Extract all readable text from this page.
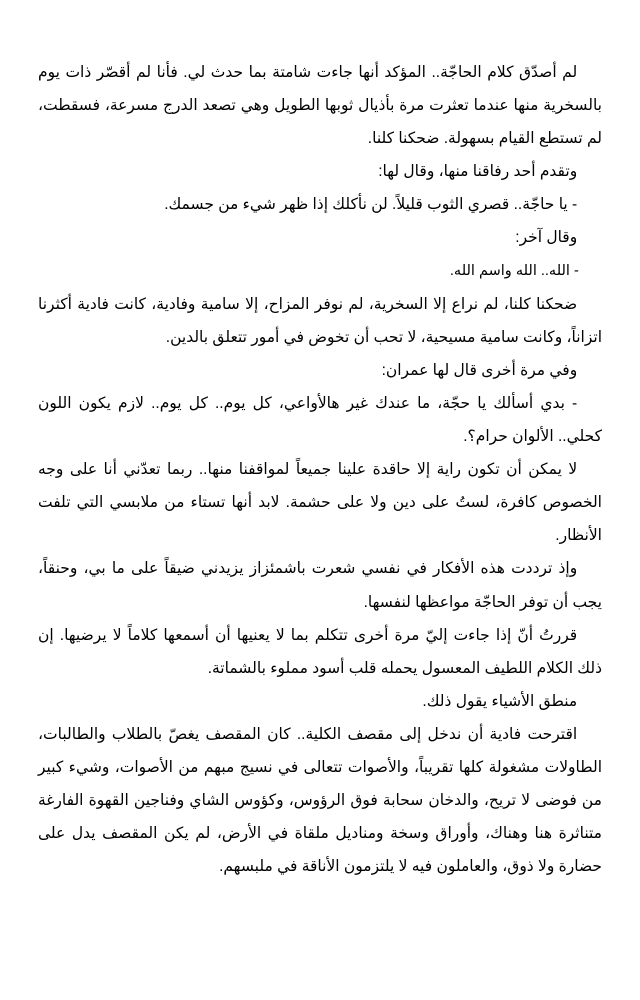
لم أصدّق كلام الحاجّة.. المؤكد أنها جاءت شامتة بما حدث لي. فأنا لم أقصّر ذات يوم بالسخرية منها عندما تعثرت مرة بأذيال ثوبها الطويل وهي تصعد الدرج مسرعة، فسقطت، لم تستطع القيام بسهولة. ضحكنا كلنا.

وتقدم أحد رفاقنا منها، وقال لها:

- يا حاجّة.. قصري الثوب قليلاً. لن نأكلك إذا ظهر شيء من جسمك.

وقال آخر:

- الله.. الله واسم الله.

ضحكنا كلنا، لم نراع إلا السخرية، لم نوفر المزاح، إلا سامية وفادية، كانت فادية أكثرنا اتزاناً، وكانت سامية مسيحية، لا تحب أن تخوض في أمور تتعلق بالدين.

وفي مرة أخرى قال لها عمران:

- بدي أسألك يا حجّة، ما عندك غير هالأواعي، كل يوم.. كل يوم.. لازم يكون اللون كحلي.. الألوان حرام؟.

لا يمكن أن تكون راية إلا حاقدة علينا جميعاً لمواقفنا منها.. ربما تعدّني أنا على وجه الخصوص كافرة، لستُ على دين ولا على حشمة. لابد أنها تستاء من ملابسي التي تلفت الأنظار.

وإذ ترددت هذه الأفكار في نفسي شعرت باشمئزاز يزيدني ضيقاً على ما بي، وحنقاً، يجب أن توفر الحاجّة مواعظها لنفسها.

قررتُ أنّ إذا جاءت إليّ مرة أخرى تتكلم بما لا يعنيها أن أسمعها كلاماً لا يرضيها. إن ذلك الكلام اللطيف المعسول يحمله قلب أسود مملوء بالشماتة.

منطق الأشياء يقول ذلك.

اقترحت فادية أن ندخل إلى مقصف الكلية.. كان المقصف يغصّ بالطلاب والطالبات، الطاولات مشغولة كلها تقريباً، والأصوات تتعالى في نسيج مبهم من الأصوات، وشيء كبير من فوضى لا تريح، والدخان سحابة فوق الرؤوس، وكؤوس الشاي وفناجين القهوة الفارغة متناثرة هنا وهناك، وأوراق وسخة ومناديل ملقاة في الأرض، لم يكن المقصف يدل على حضارة ولا ذوق، والعاملون فيه لا يلتزمون الأناقة في ملبسهم.
